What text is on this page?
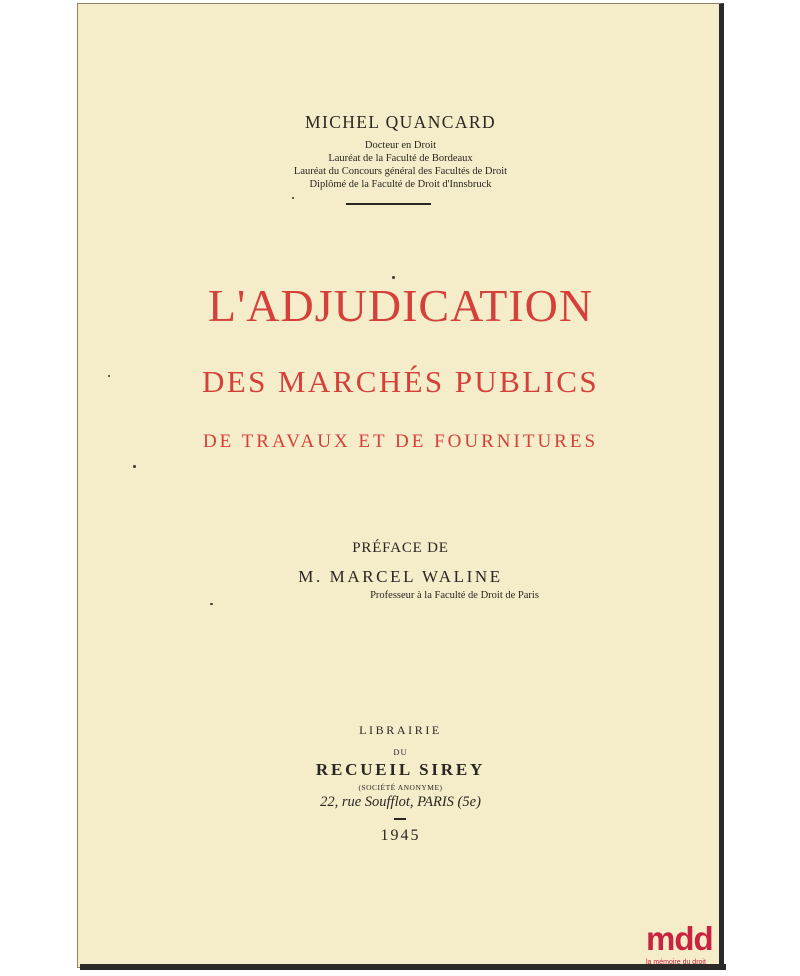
MICHEL QUANCARD
Docteur en Droit
Lauréat de la Faculté de Bordeaux
Lauréat du Concours général des Facultés de Droit
Diplômé de la Faculté de Droit d'Innsbruck
L'ADJUDICATION
DES MARCHÉS PUBLICS
DE TRAVAUX ET DE FOURNITURES
PRÉFACE DE
M. MARCEL WALINE
Professeur à la Faculté de Droit de Paris
LIBRAIRIE
DU
RECUEIL SIREY
(SOCIÉTÉ ANONYME)
22, rue Soufflot, PARIS (5e)
1945
mdd
la mémoire du droit
